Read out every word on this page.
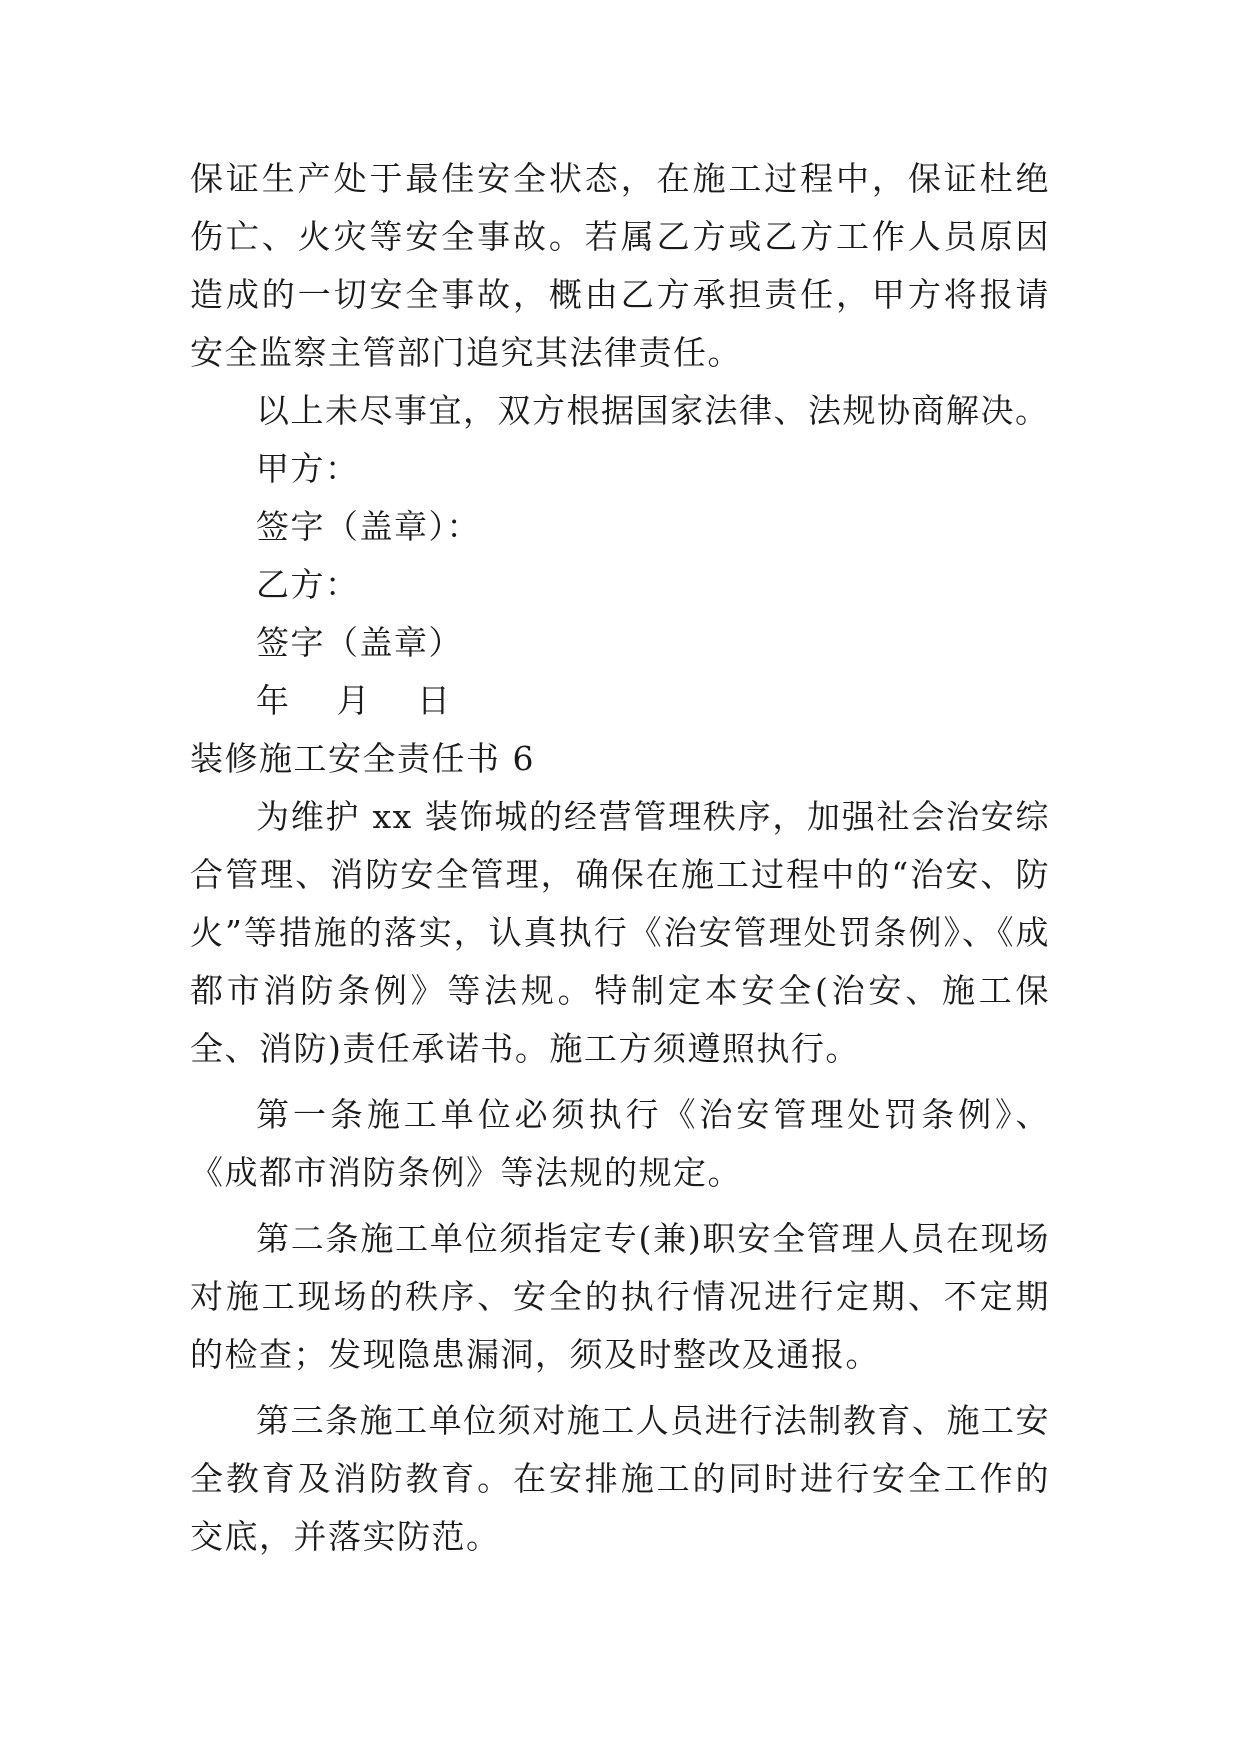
保证生产处于最佳安全状态，在施工过程中，保证杜绝伤亡、火灾等安全事故。若属乙方或乙方工作人员原因造成的一切安全事故，概由乙方承担责任，甲方将报请安全监察主管部门追究其法律责任。

以上未尽事宜，双方根据国家法律、法规协商解决。

甲方：

签字（盖章）：

乙方：

签字（盖章）

年 月 日

装修施工安全责任书 6

为维护 xx 装饰城的经营管理秩序，加强社会治安综合管理、消防安全管理，确保在施工过程中的“治安、防火”等措施的落实，认真执行《治安管理处罚条例》、《成都市消防条例》等法规。特制定本安全(治安、施工保全、消防)责任承诺书。施工方须遵照执行。

第一条施工单位必须执行《治安管理处罚条例》、《成都市消防条例》等法规的规定。

第二条施工单位须指定专(兼)职安全管理人员在现场对施工现场的秩序、安全的执行情况进行定期、不定期的检查；发现隐患漏洞，须及时整改及通报。

第三条施工单位须对施工人员进行法制教育、施工安全教育及消防教育。在安排施工的同时进行安全工作的交底，并落实防范。
